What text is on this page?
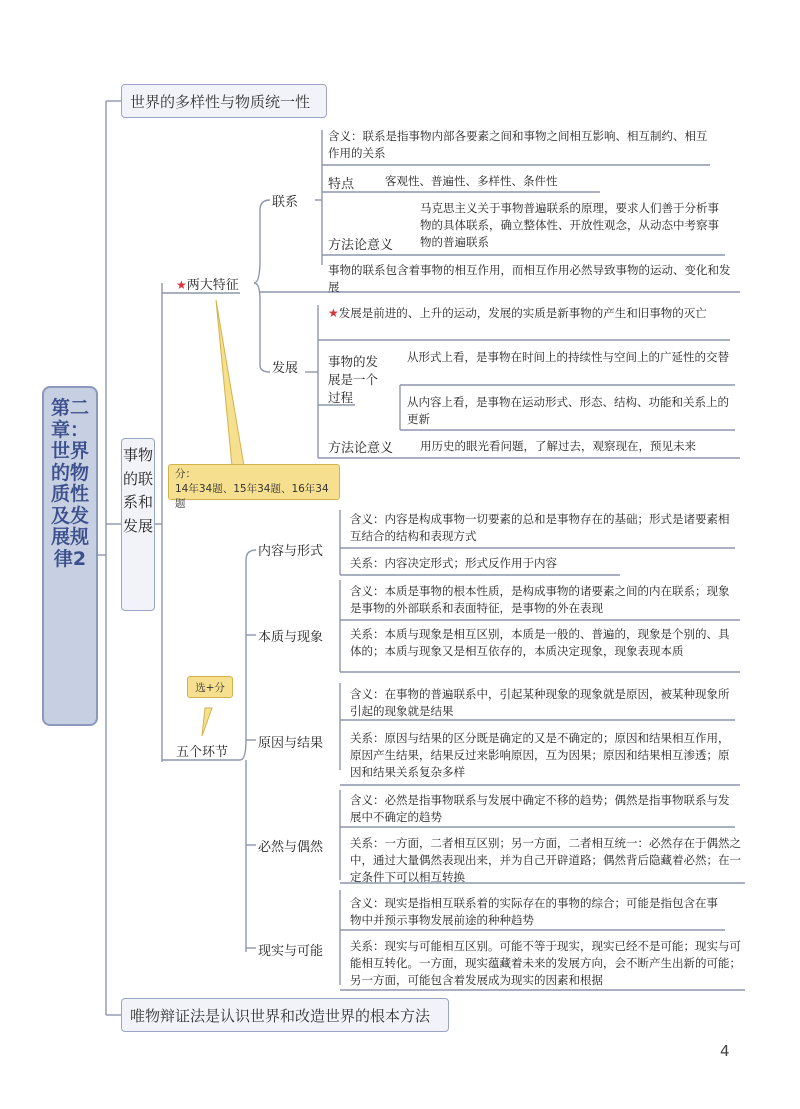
第二章：世界的物质性及发展规律2
世界的多样性与物质统一性
唯物辩证法是认识世界和改造世界的根本方法
事物的联系和发展
★两大特征
五个环节
分：
14年34题、15年34题、16年34题
选+分
联系
含义：联系是指事物内部各要素之间和事物之间相互影响、相互制约、相互作用的关系
特点	客观性、普遍性、多样性、条件性
方法论意义
马克思主义关于事物普遍联系的原理，要求人们善于分析事物的具体联系，确立整体性、开放性观念，从动态中考察事物的普遍联系
事物的联系包含着事物的相互作用，而相互作用必然导致事物的运动、变化和发展
发展
★发展是前进的、上升的运动，发展的实质是新事物的产生和旧事物的灭亡
事物的发展是一个过程
从形式上看，是事物在时间上的持续性与空间上的广延性的交替
从内容上看，是事物在运动形式、形态、结构、功能和关系上的更新
方法论意义 用历史的眼光看问题，了解过去，观察现在，预见未来
内容与形式
含义：内容是构成事物一切要素的总和是事物存在的基础；形式是诸要素相互结合的结构和表现方式
关系：内容决定形式；形式反作用于内容
本质与现象
含义：本质是事物的根本性质，是构成事物的诸要素之间的内在联系；现象是事物的外部联系和表面特征，是事物的外在表现
关系：本质与现象是相互区别，本质是一般的、普遍的，现象是个别的、具体的；本质与现象又是相互依存的，本质决定现象，现象表现本质
原因与结果
含义：在事物的普遍联系中，引起某种现象的现象就是原因，被某种现象所引起的现象就是结果
关系：原因与结果的区分既是确定的又是不确定的；原因和结果相互作用，原因产生结果，结果反过来影响原因，互为因果；原因和结果相互渗透；原因和结果关系复杂多样
必然与偶然
含义：必然是指事物联系与发展中确定不移的趋势；偶然是指事物联系与发展中不确定的趋势
关系：一方面，二者相互区别；另一方面，二者相互统一：必然存在于偶然之中，通过大量偶然表现出来，并为自己开辟道路；偶然背后隐藏着必然；在一定条件下可以相互转换
现实与可能
含义：现实是指相互联系着的实际存在的事物的综合；可能是指包含在事物中并预示事物发展前途的种种趋势
关系：现实与可能相互区别。可能不等于现实，现实已经不是可能；现实与可能相互转化。一方面，现实蕴藏着未来的发展方向，会不断产生出新的可能；另一方面，可能包含着发展成为现实的因素和根据
4
